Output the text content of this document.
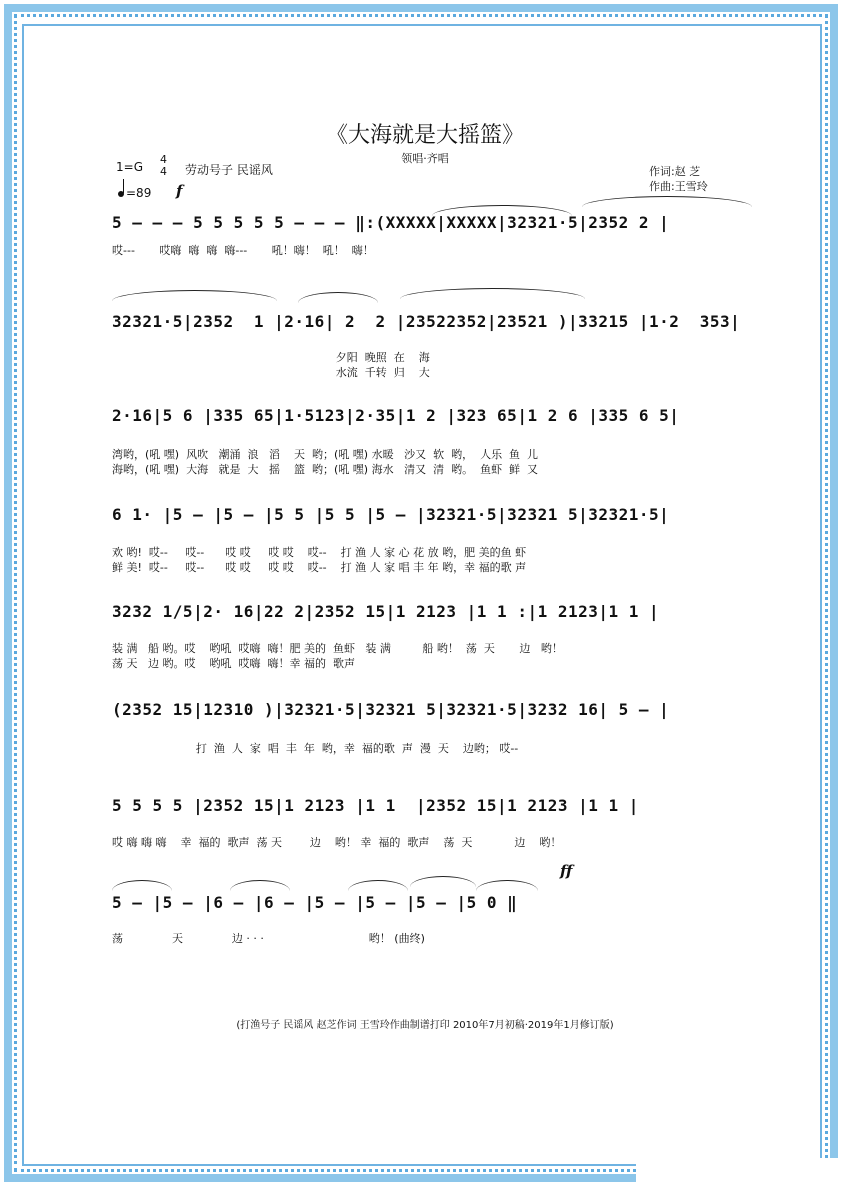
《大海就是大摇篮》
领唱·齐唱
1=G
4
4 劳动号子 民谣风
=89 f
作词:赵 芝
作曲:王雪玲
5 – – – 5 5 5 5 5 – – – ‖:(XXXXX|XXXXX|32321·5|2352 2 |
哎---       哎嗨  嗨  嗨  嗨---       吼！嗨！  吼！  嗨！
32321·5|2352  1 |2·16| 2  2 |23522352|23521 )|33215 |1·2  353|
夕阳  晚照  在    海
水流  千转  归    大
2·16|5 6 |335 65|1·5123|2·35|1 2 |323 65|1 2 6 |335 6 5|
湾哟，(吼 嘿)  风吹   潮涌  浪   滔    天  哟；(吼 嘿) 水暖   沙又  软  哟，  人乐  鱼  儿
海哟，(吼 嘿)  大海   就是  大   摇    篮  哟；(吼 嘿) 海水   清又  清  哟。  鱼虾  鲜  又
6 1· |5 – |5 – |5 5 |5 5 |5 – |32321·5|32321 5|32321·5|
欢 哟!  哎--     哎--      哎 哎     哎 哎    哎--    打 渔 人 家 心 花 放 哟，肥 美的鱼 虾
鲜 美!  哎--     哎--      哎 哎     哎 哎    哎--    打 渔 人 家 唱 丰 年 哟，幸 福的歌 声
3232 1/5|2· 16|22 2|2352 15|1 2123 |1 1 :|1 2123|1 1 |
装 满   船 哟。哎    哟吼  哎嗨  嗨！肥 美的  鱼虾   装 满         船 哟！  荡  天       边   哟！
荡 天   边 哟。哎    哟吼  哎嗨  嗨！幸 福的  歌声
(2352 15|12310 )|32321·5|32321 5|32321·5|3232 16| 5 – |
打  渔  人  家  唱  丰  年  哟，幸  福的歌  声  漫  天    边哟； 哎--
5 5 5 5 |2352 15|1 2123 |1 1  |2352 15|1 2123 |1 1 |
哎 嗨 嗨 嗨    幸  福的  歌声  荡 天        边    哟！ 幸  福的  歌声    荡  天            边    哟！
ff
5 – |5 – |6 – |6 – |5 – |5 – |5 – |5 0 ‖
荡              天              边 · · ·                              哟！ (曲终)
(打渔号子 民谣风 赵芝作词 王雪玲作曲制谱打印 2010年7月初稿·2019年1月修订版)
